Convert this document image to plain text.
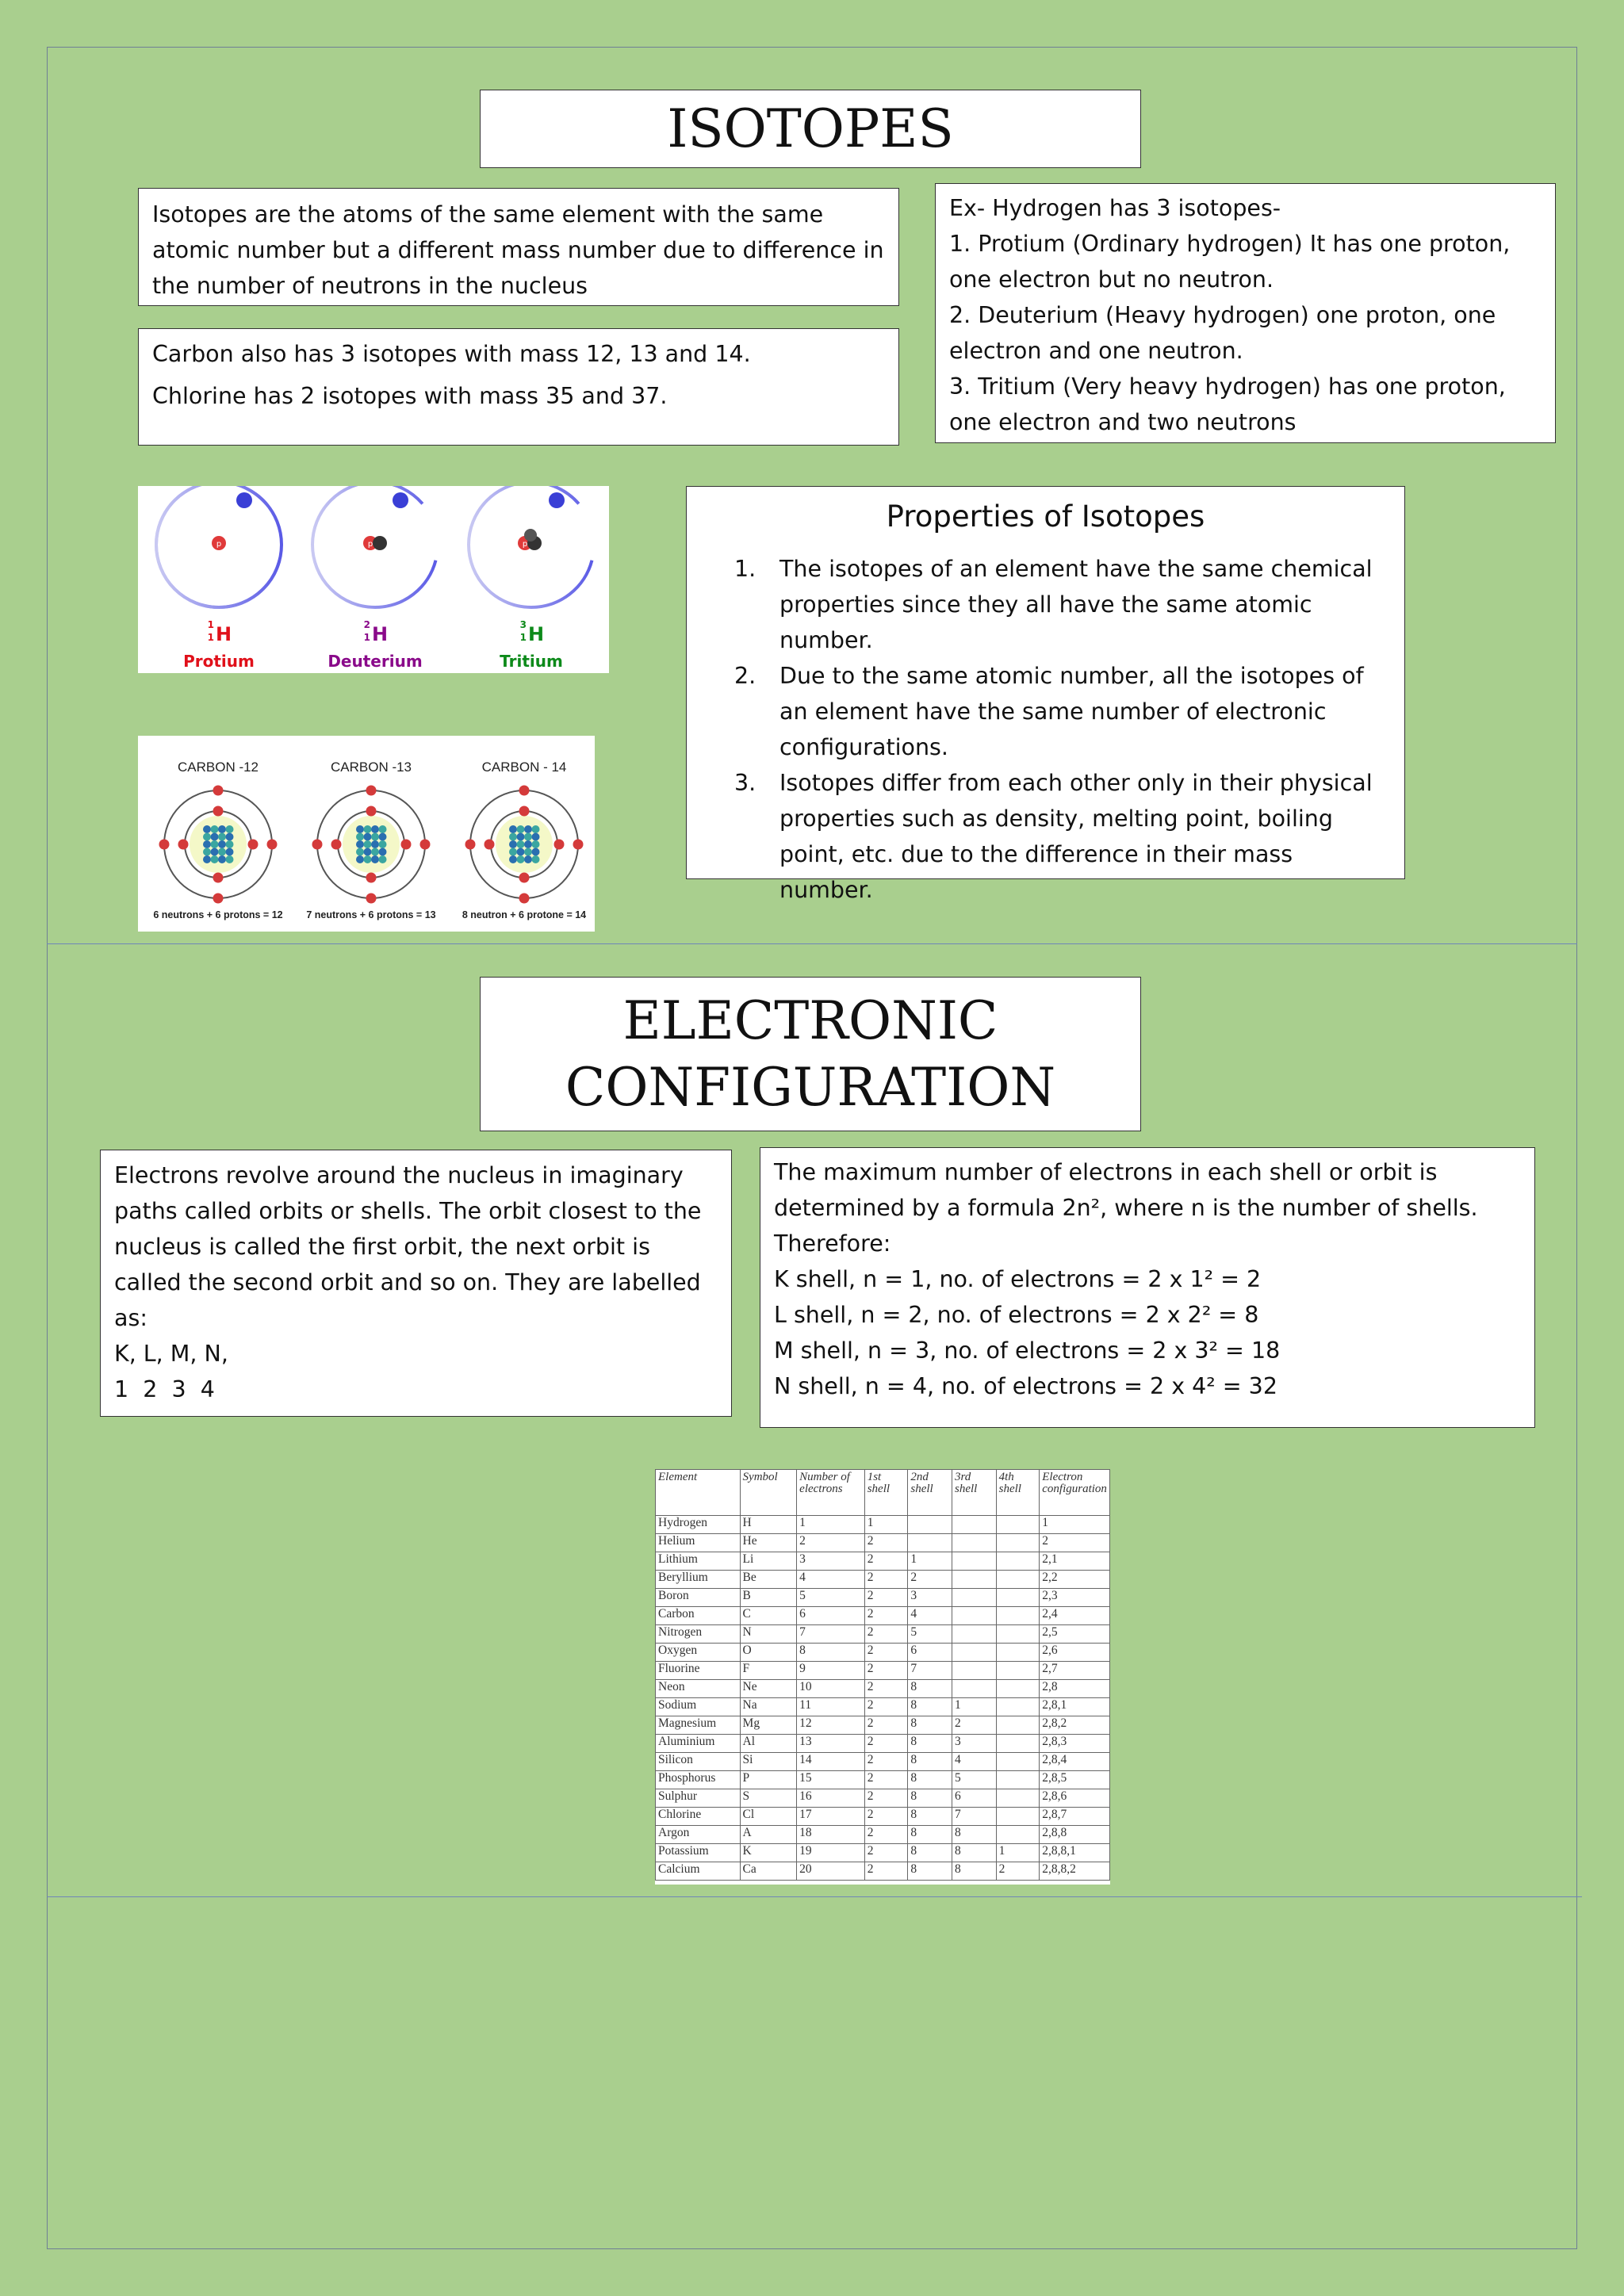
ISOTOPES

Isotopes are the atoms of the same element with the same atomic number but a different mass number due to difference in the number of neutrons in the nucleus

Carbon also has 3 isotopes with mass 12, 13 and 14.

Chlorine has 2 isotopes with mass 35 and 37.

Ex- Hydrogen has 3 isotopes-

1. Protium (Ordinary hydrogen) It has one proton, one electron but no neutron.

2. Deuterium (Heavy hydrogen) one proton, one electron and one neutron.

3. Tritium (Very heavy hydrogen) has one proton, one electron and two neutrons

1
1 H
Protium
2
1 H
Deuterium
3
1 H
Tritium
p	p	p
CARBON -12
6 neutrons + 6 protons = 12
CARBON -13
7 neutrons + 6 protons = 13
CARBON - 14
8 neutron + 6 protone = 14
Properties of Isotopes
1. The isotopes of an element have the same chemical properties since they all have the same atomic number.
2. Due to the same atomic number, all the isotopes of an element have the same number of electronic configurations.
3. Isotopes differ from each other only in their physical properties such as density, melting point, boiling point, etc. due to the difference in their mass number.
ELECTRONIC
CONFIGURATION

Electrons revolve around the nucleus in imaginary paths called orbits or shells. The orbit closest to the nucleus is called the first orbit, the next orbit is called the second orbit and so on. They are labelled as:

K, L, M, N,

1  2  3  4

The maximum number of electrons in each shell or orbit is determined by a formula 2n², where n is the number of shells.

Therefore:

K shell, n = 1, no. of electrons = 2 x 1² = 2

L shell, n = 2, no. of electrons = 2 x 2² = 8

M shell, n = 3, no. of electrons = 2 x 3² = 18

N shell, n = 4, no. of electrons = 2 x 4² = 32

Element	Symbol	Number of electrons	1st shell	2nd shell	3rd shell	4th shell	Electron configuration
Hydrogen	H	1	1				1
Helium	He	2	2				2
Lithium	Li	3	2	1			2,1
Beryllium	Be	4	2	2			2,2
Boron	B	5	2	3			2,3
Carbon	C	6	2	4			2,4
Nitrogen	N	7	2	5			2,5
Oxygen	O	8	2	6			2,6
Fluorine	F	9	2	7			2,7
Neon	Ne	10	2	8			2,8
Sodium	Na	11	2	8	1		2,8,1
Magnesium	Mg	12	2	8	2		2,8,2
Aluminium	Al	13	2	8	3		2,8,3
Silicon	Si	14	2	8	4		2,8,4
Phosphorus	P	15	2	8	5		2,8,5
Sulphur	S	16	2	8	6		2,8,6
Chlorine	Cl	17	2	8	7		2,8,7
Argon	A	18	2	8	8		2,8,8
Potassium	K	19	2	8	8	1	2,8,8,1
Calcium	Ca	20	2	8	8	2	2,8,8,2
